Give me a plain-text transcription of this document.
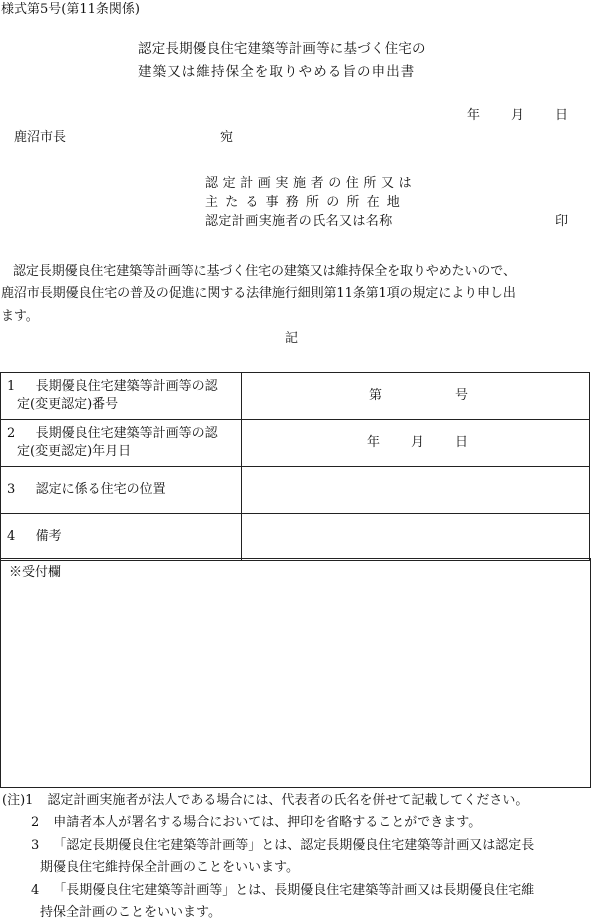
様式第5号(第11条関係)
認定長期優良住宅建築等計画等に基づく住宅の
建築又は維持保全を取りやめる旨の申出書
年 月 日
鹿沼市長	宛
認定計画実施者の住所又は
主たる事務所の所在地
認定計画実施者の氏名又は名称	印
認定長期優良住宅建築等計画等に基づく住宅の建築又は維持保全を取りやめたいので、
鹿沼市長期優良住宅の普及の促進に関する法律施行細則第11条第1項の規定により申し出
ます。
記
1 長期優良住宅建築等計画等の認
定(変更認定)番号	第 号

2 長期優良住宅建築等計画等の認
定(変更認定)年月日	年 月 日

3 認定に係る住宅の位置	

4 備考	

※受付欄
(注)1 認定計画実施者が法人である場合には、代表者の氏名を併せて記載してください。
2 申請者本人が署名する場合においては、押印を省略することができます。
3 「認定長期優良住宅建築等計画等」とは、認定長期優良住宅建築等計画又は認定長
期優良住宅維持保全計画のことをいいます。
4 「長期優良住宅建築等計画等」とは、長期優良住宅建築等計画又は長期優良住宅維
持保全計画のことをいいます。
